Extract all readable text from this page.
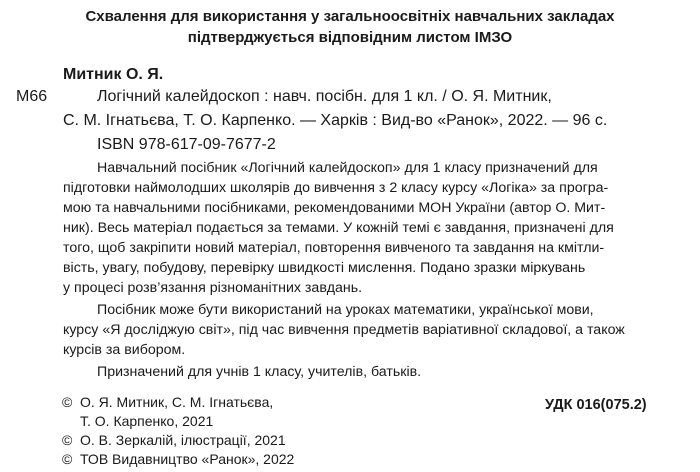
Схвалення для використання у загальноосвітніх навчальних закладах
підтверджується відповідним листом ІМЗО
Митник О. Я.
М66	Логічний калейдоскоп : навч. посібн. для 1 кл. / О. Я. Митник,
С. М. Ігнатьєва, Т. О. Карпенко. — Харків : Вид-во «Ранок», 2022. — 96 с.
ISBN 978-617-09-7677-2
Навчальний посібник «Логічний калейдоскоп» для 1 класу призначений для
підготовки наймолодших школярів до вивчення з 2 класу курсу «Логіка» за програ-
мою та навчальними посібниками, рекомендованими МОН України (автор О. Мит-
ник). Весь матеріал подається за темами. У кожній темі є завдання, призначені для
того, щоб закріпити новий матеріал, повторення вивченого та завдання на кмітли-
вість, увагу, побудову, перевірку швидкості мислення. Подано зразки міркувань
у процесі розв’язання різноманітних завдань.
Посібник може бути використаний на уроках математики, української мови,
курсу «Я досліджую світ», під час вивчення предметів варіативної складової, а також
курсів за вибором.
Призначений для учнів 1 класу, учителів, батьків.
УДК 016(075.2)
© О. Я. Митник, С. М. Ігнатьєва,
Т. О. Карпенко, 2021
© О. В. Зеркалій, ілюстрації, 2021
© ТОВ Видавництво «Ранок», 2022
